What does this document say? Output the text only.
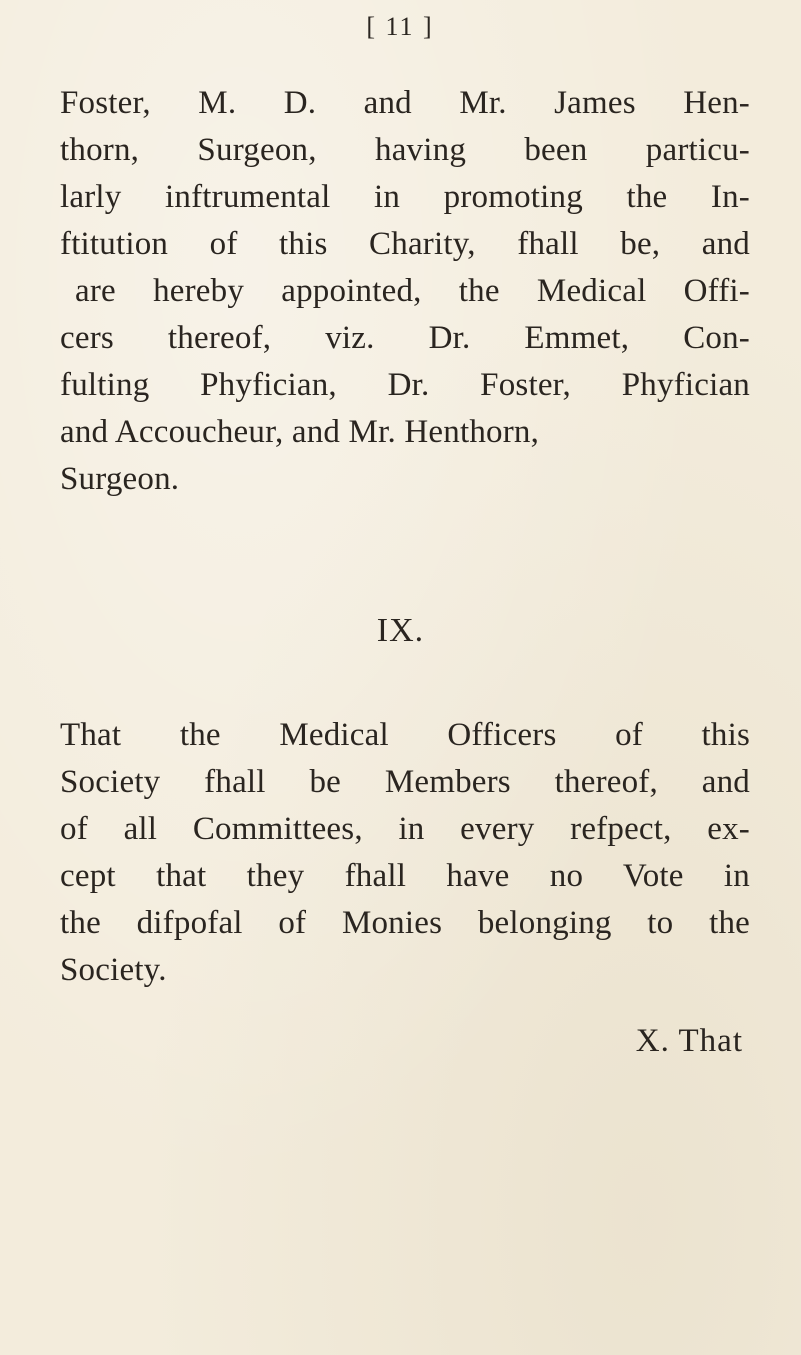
[ 11 ]
Foster, M. D. and Mr. James Hen-
thorn, Surgeon, having been particu-
larly inftrumental in promoting the In-
ftitution of this Charity, fhall be, and
are hereby appointed, the Medical Offi-
cers thereof, viz. Dr. Emmet, Con-
fulting Phyfician, Dr. Foster, Phyfician
and Accoucheur, and Mr. Henthorn,
Surgeon.
IX.
That the Medical Officers of this
Society fhall be Members thereof, and
of all Committees, in every refpect, ex-
cept that they fhall have no Vote in
the difpofal of Monies belonging to the
Society.
X. That
